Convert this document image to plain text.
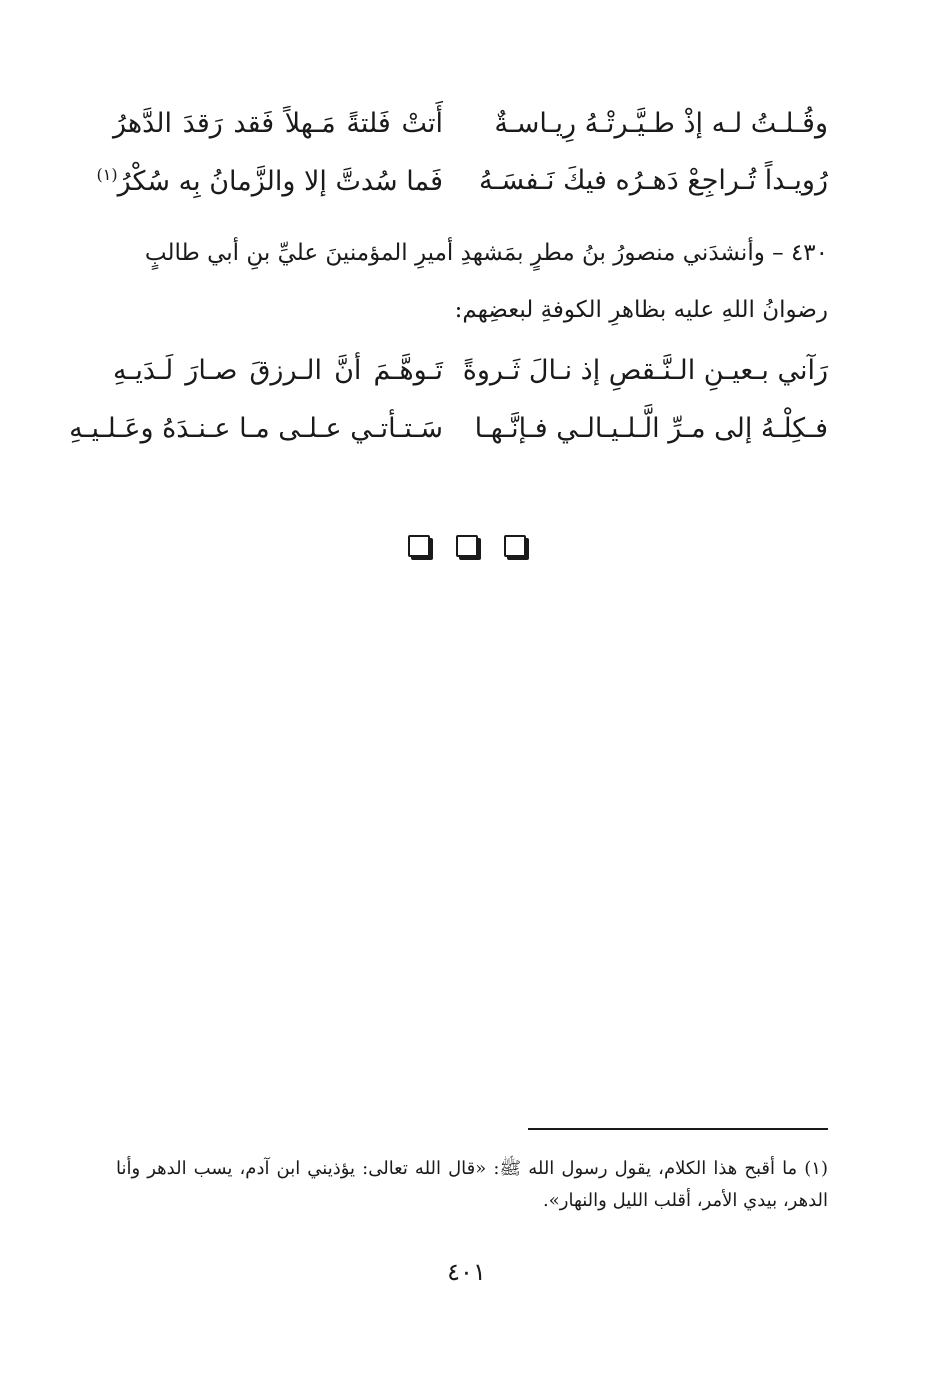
وقُـلـتُ لـه إذْ طـيَّـرتْـهُ رِيـاسـةٌ
أَتتْ فَلتةً مَـهلاً فَقد رَقدَ الدَّهرُ
رُويـداً تُـراجِعْ دَهـرُه فيكَ نَـفسَـهُ
فَما سُدتَّ إلا والزَّمانُ بِه سُكْرُ$^{(١)}$
٤٣٠ – وأنشدَني منصورُ بنُ مطرٍ بمَشهدِ أميرِ المؤمنينَ عليِّ بنِ أبي طالبٍ
رضوانُ اللهِ عليه بظاهرِ الكوفةِ لبعضِهم:
رَآني بـعيـنِ الـنَّـقصِ إذ نـالَ ثَـروةً
تَـوهَّـمَ أنَّ الـرزقَ صـارَ لَـدَيـهِ
فـكِلْـهُ إلى مـرِّ الَّـلـيـالـي فـإنَّـهـا
سَـتـأتـي عـلـى مـا عـنـدَهُ وعَـلـيـهِ
(١) ما أقبح هذا الكلام، يقول رسول الله ﷺ: «قال الله تعالى: يؤذيني ابن آدم، يسب الدهر وأنا الدهر، بيدي الأمر، أقلب الليل والنهار».
٤٠١
